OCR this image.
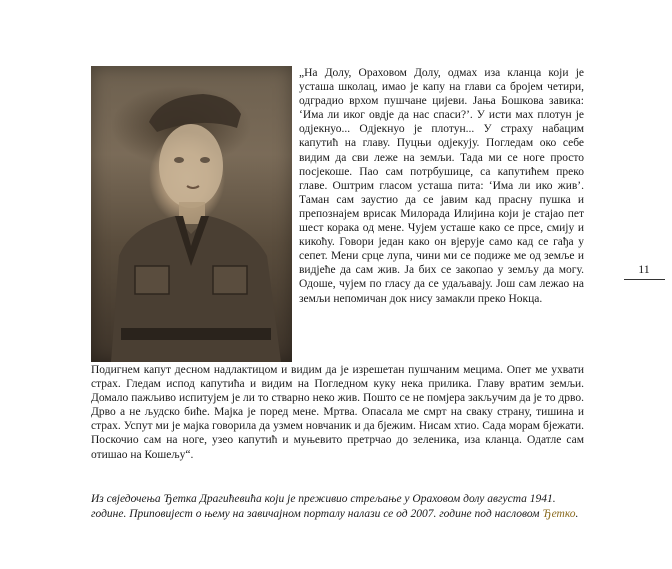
„На Долу, Ораховом Долу, одмах иза кланца који је усташа школац, имао је капу на глави са бројем четири, одградио врхом пушчане цијеви. Јања Бошкова завика: ‘Има ли иког овдје да нас спаси?’. У исти мах плотун је одјекнуо... Одјекнуо је плотун... У страху набацим капутић на главу. Пуцњи одјекују. Погледам око себе видим да сви леже на земљи. Тада ми се ноге просто посјекоше. Пао сам потрбушице, са капутићем преко главе. Оштрим гласом усташа пита: ‘Има ли ико жив’. Таман сам заустио да се јавим кад прасну пушка и препознајем врисак Милорада Илијина који је стајао пет шест корака од мене. Чујем усташе како се прсе, смију и кикоћу. Говори један како он вјерује само кад се гађа у сепет. Мени срце лупа, чини ми се подиже ме од земље и видјеће да сам жив. Ја бих се закопао у земљу да могу. Одоше, чујем по гласу да се удаљавају. Још сам лежао на земљи непомичан док нису замакли преко Нокца.

Подигнем капут десном надлактицом и видим да је изрешетан пушчаним мецима. Опет ме ухвати страх. Гледам испод капутића и видим на Погледном куку нека прилика. Главу вратим земљи. Домало пажљиво испитујем је ли то стварно неко жив. Пошто се не помјера закључим да је то дрво. Дрво а не људско биће. Мајка је поред мене. Мртва. Опасала ме смрт на сваку страну, тишина и страх. Успут ми је мајка говорила да узмем новчаник и да бјежим. Нисам хтио. Сада морам бјежати. Поскочио сам на ноге, узео капутић и муњевито претрчао до зеленика, иза кланца. Одатле сам отишао на Кошељу“.

Из свједочења Ђетка Драгићевића који је преживио стрељање у Ораховом долу августа 1941. године. Приповијест о њему на завичајном порталу налази се од 2007. године под насловом Ђетко.
11
